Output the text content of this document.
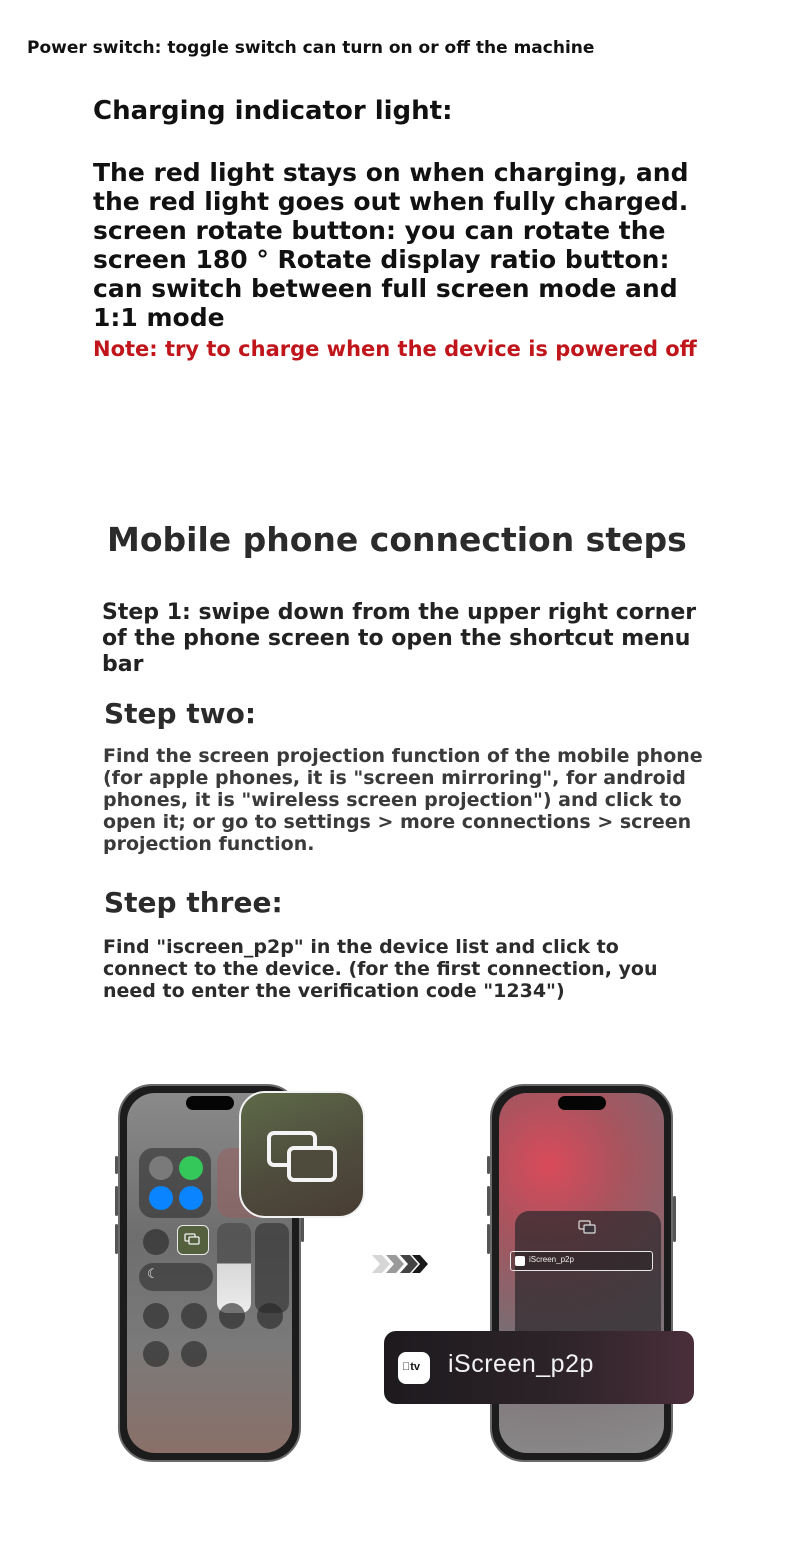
Power switch: toggle switch can turn on or off the machine
Charging indicator light:
The red light stays on when charging, and the red light goes out when fully charged. screen rotate button: you can rotate the screen 180 ° Rotate display ratio button: can switch between full screen mode and 1:1 mode
Note: try to charge when the device is powered off
Mobile phone connection steps
Step 1: swipe down from the upper right corner of the phone screen to open the shortcut menu bar
Step two:
Find the screen projection function of the mobile phone (for apple phones, it is "screen mirroring", for android phones, it is "wireless screen projection") and click to open it; or go to settings > more connections > screen projection function.
Step three:
Find "iscreen_p2p" in the device list and click to connect to the device. (for the first connection, you need to enter the verification code "1234")
☾
iScreen_p2p
tv iScreen_p2p
